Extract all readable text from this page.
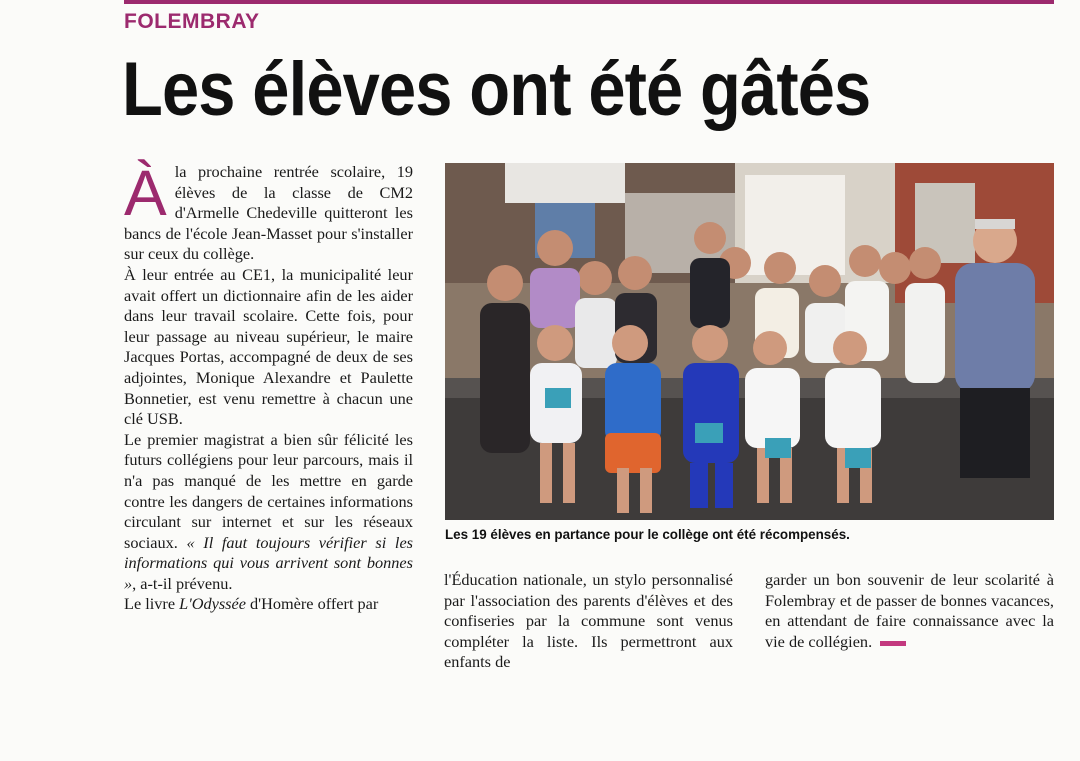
FOLEMBRAY
Les élèves ont été gâtés

À la prochaine rentrée scolaire, 19 élèves de la classe de CM2 d'Armelle Chedeville quitteront les bancs de l'école Jean-Masset pour s'installer sur ceux du collège.

À leur entrée au CE1, la municipalité leur avait offert un dictionnaire afin de les aider dans leur travail scolaire. Cette fois, pour leur passage au niveau supérieur, le maire Jacques Portas, accompagné de deux de ses adjointes, Monique Alexandre et Paulette Bonnetier, est venu remettre à chacun une clé USB.

Le premier magistrat a bien sûr félicité les futurs collégiens pour leur parcours, mais il n'a pas manqué de les mettre en garde contre les dangers de certaines informations circulant sur internet et sur les réseaux sociaux. « Il faut toujours vérifier si les informations qui vous arrivent sont bonnes », a-t-il prévenu.

Le livre L'Odyssée d'Homère offert par

Les 19 élèves en partance pour le collège ont été récompensés.

l'Éducation nationale, un stylo personnalisé par l'association des parents d'élèves et des confiseries par la commune sont venus compléter la liste. Ils permettront aux enfants de

garder un bon souvenir de leur scolarité à Folembray et de passer de bonnes vacances, en attendant de faire connaissance avec la vie de collégien.
